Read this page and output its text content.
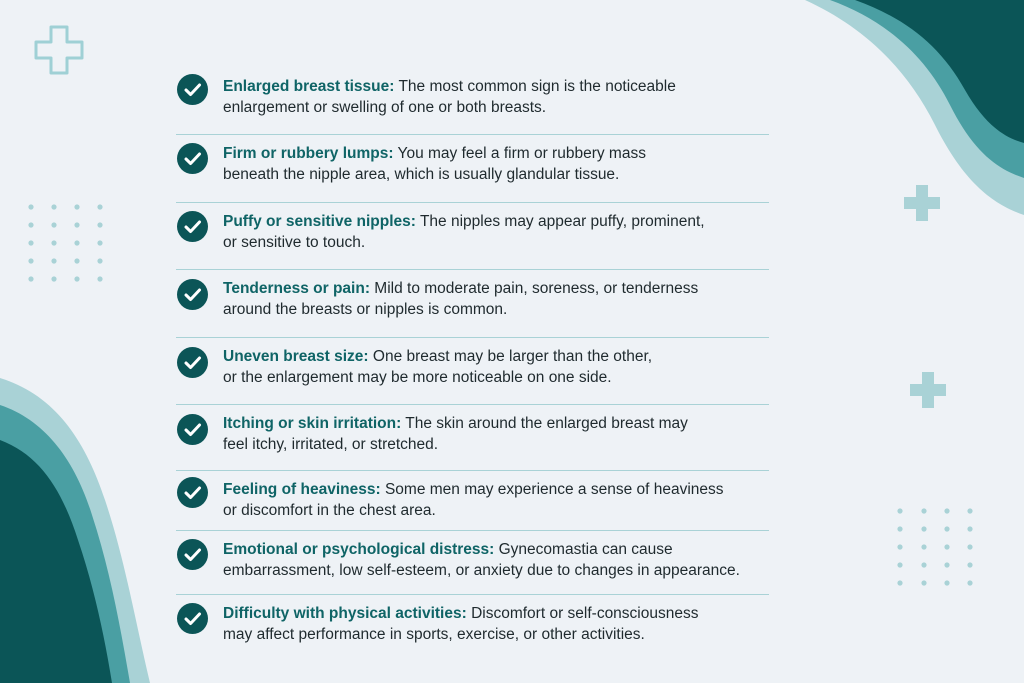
Enlarged breast tissue: The most common sign is the noticeable
enlargement or swelling of one or both breasts.

Firm or rubbery lumps: You may feel a firm or rubbery mass
beneath the nipple area, which is usually glandular tissue.

Puffy or sensitive nipples: The nipples may appear puffy, prominent,
or sensitive to touch.

Tenderness or pain: Mild to moderate pain, soreness, or tenderness
around the breasts or nipples is common.

Uneven breast size: One breast may be larger than the other,
or the enlargement may be more noticeable on one side.

Itching or skin irritation: The skin around the enlarged breast may
feel itchy, irritated, or stretched.

Feeling of heaviness: Some men may experience a sense of heaviness
or discomfort in the chest area.

Emotional or psychological distress: Gynecomastia can cause
embarrassment, low self-esteem, or anxiety due to changes in appearance.

Difficulty with physical activities: Discomfort or self-consciousness
may affect performance in sports, exercise, or other activities.
